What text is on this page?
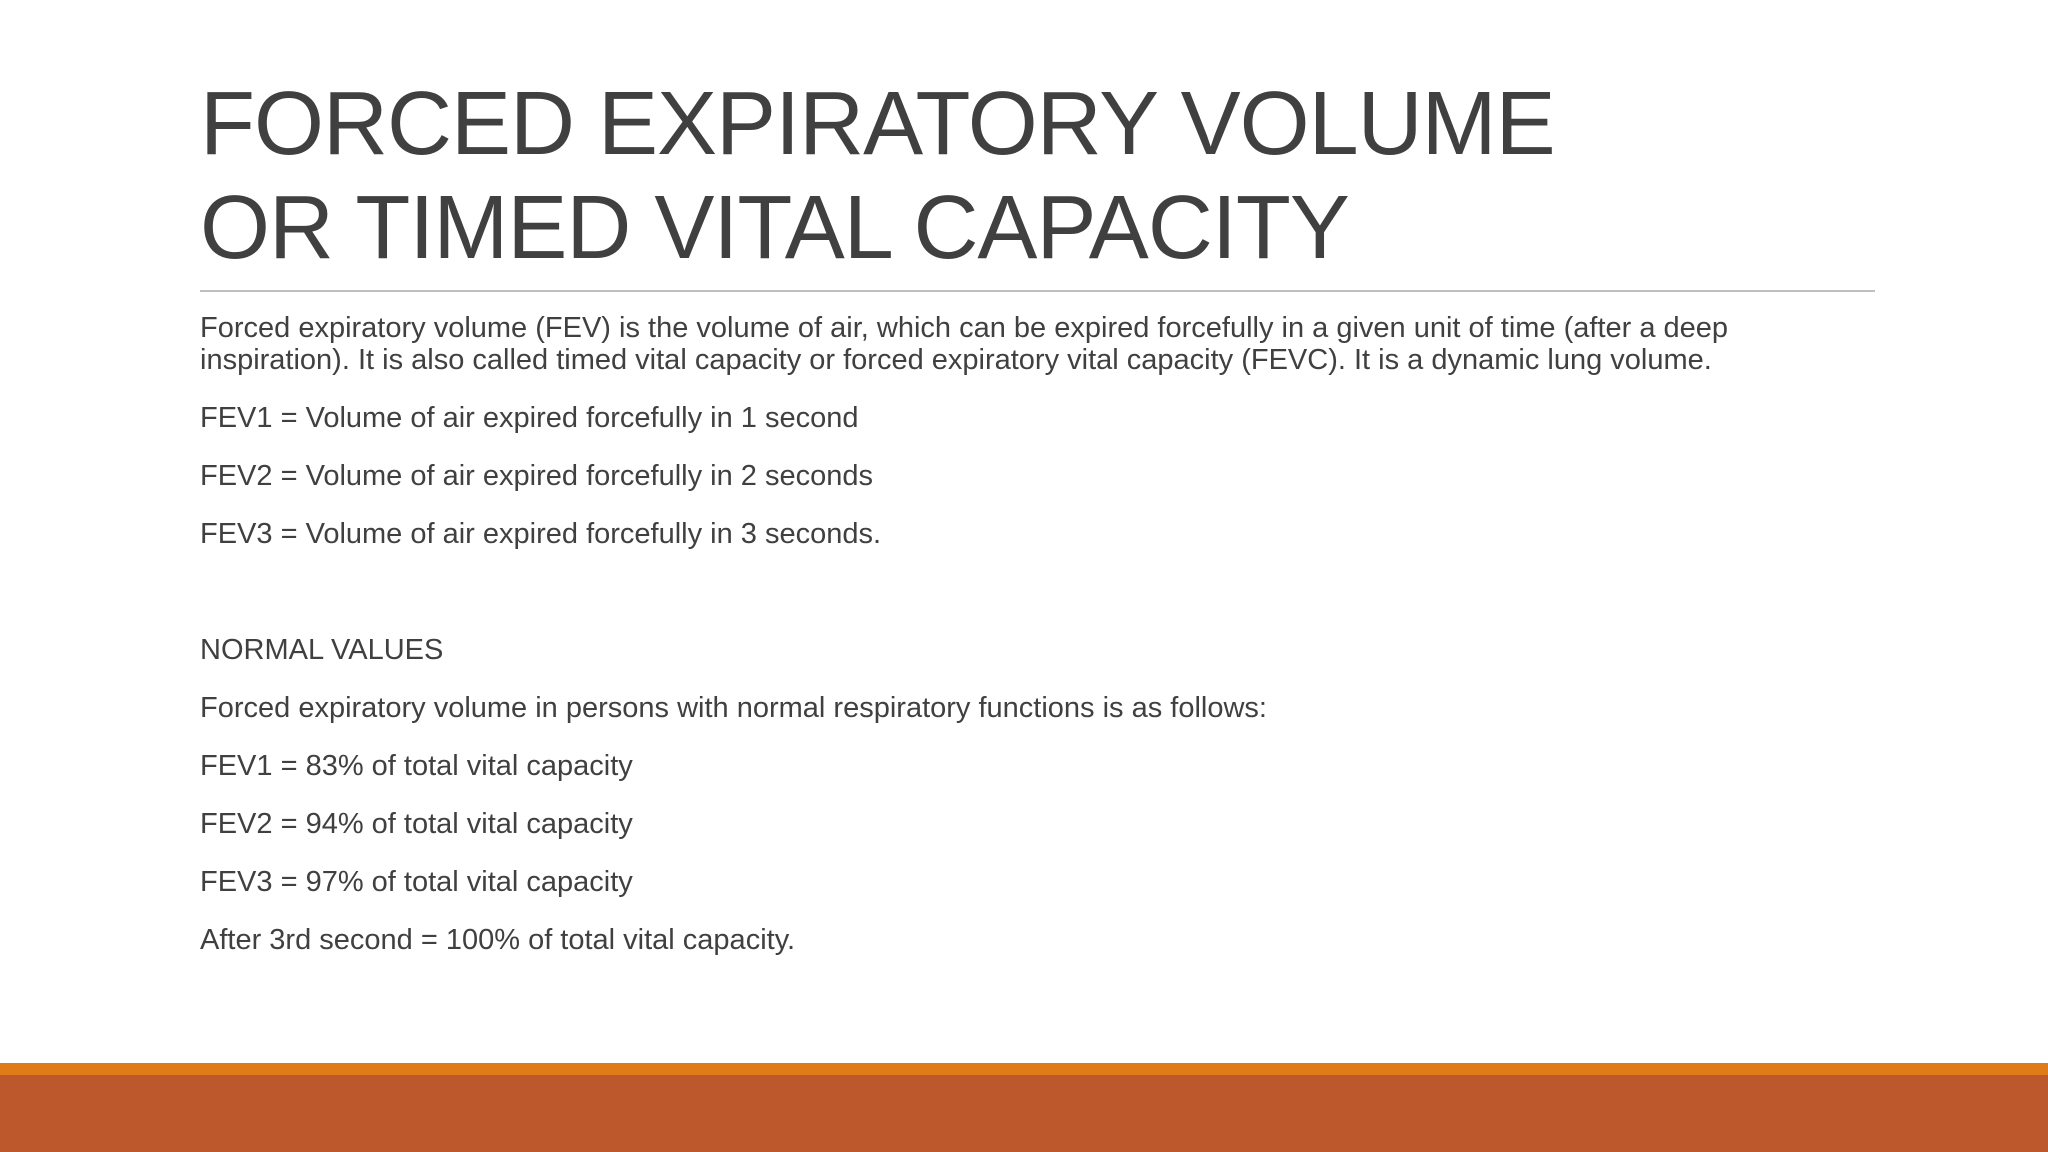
FORCED EXPIRATORY VOLUME
OR TIMED VITAL CAPACITY

Forced expiratory volume (FEV) is the volume of air, which can be expired forcefully in a given unit of time (after a deep inspiration). It is also called timed vital capacity or forced expiratory vital capacity (FEVC). It is a dynamic lung volume.

FEV1 = Volume of air expired forcefully in 1 second

FEV2 = Volume of air expired forcefully in 2 seconds

FEV3 = Volume of air expired forcefully in 3 seconds.

NORMAL VALUES

Forced expiratory volume in persons with normal respiratory functions is as follows:

FEV1 = 83% of total vital capacity

FEV2 = 94% of total vital capacity

FEV3 = 97% of total vital capacity

After 3rd second = 100% of total vital capacity.
